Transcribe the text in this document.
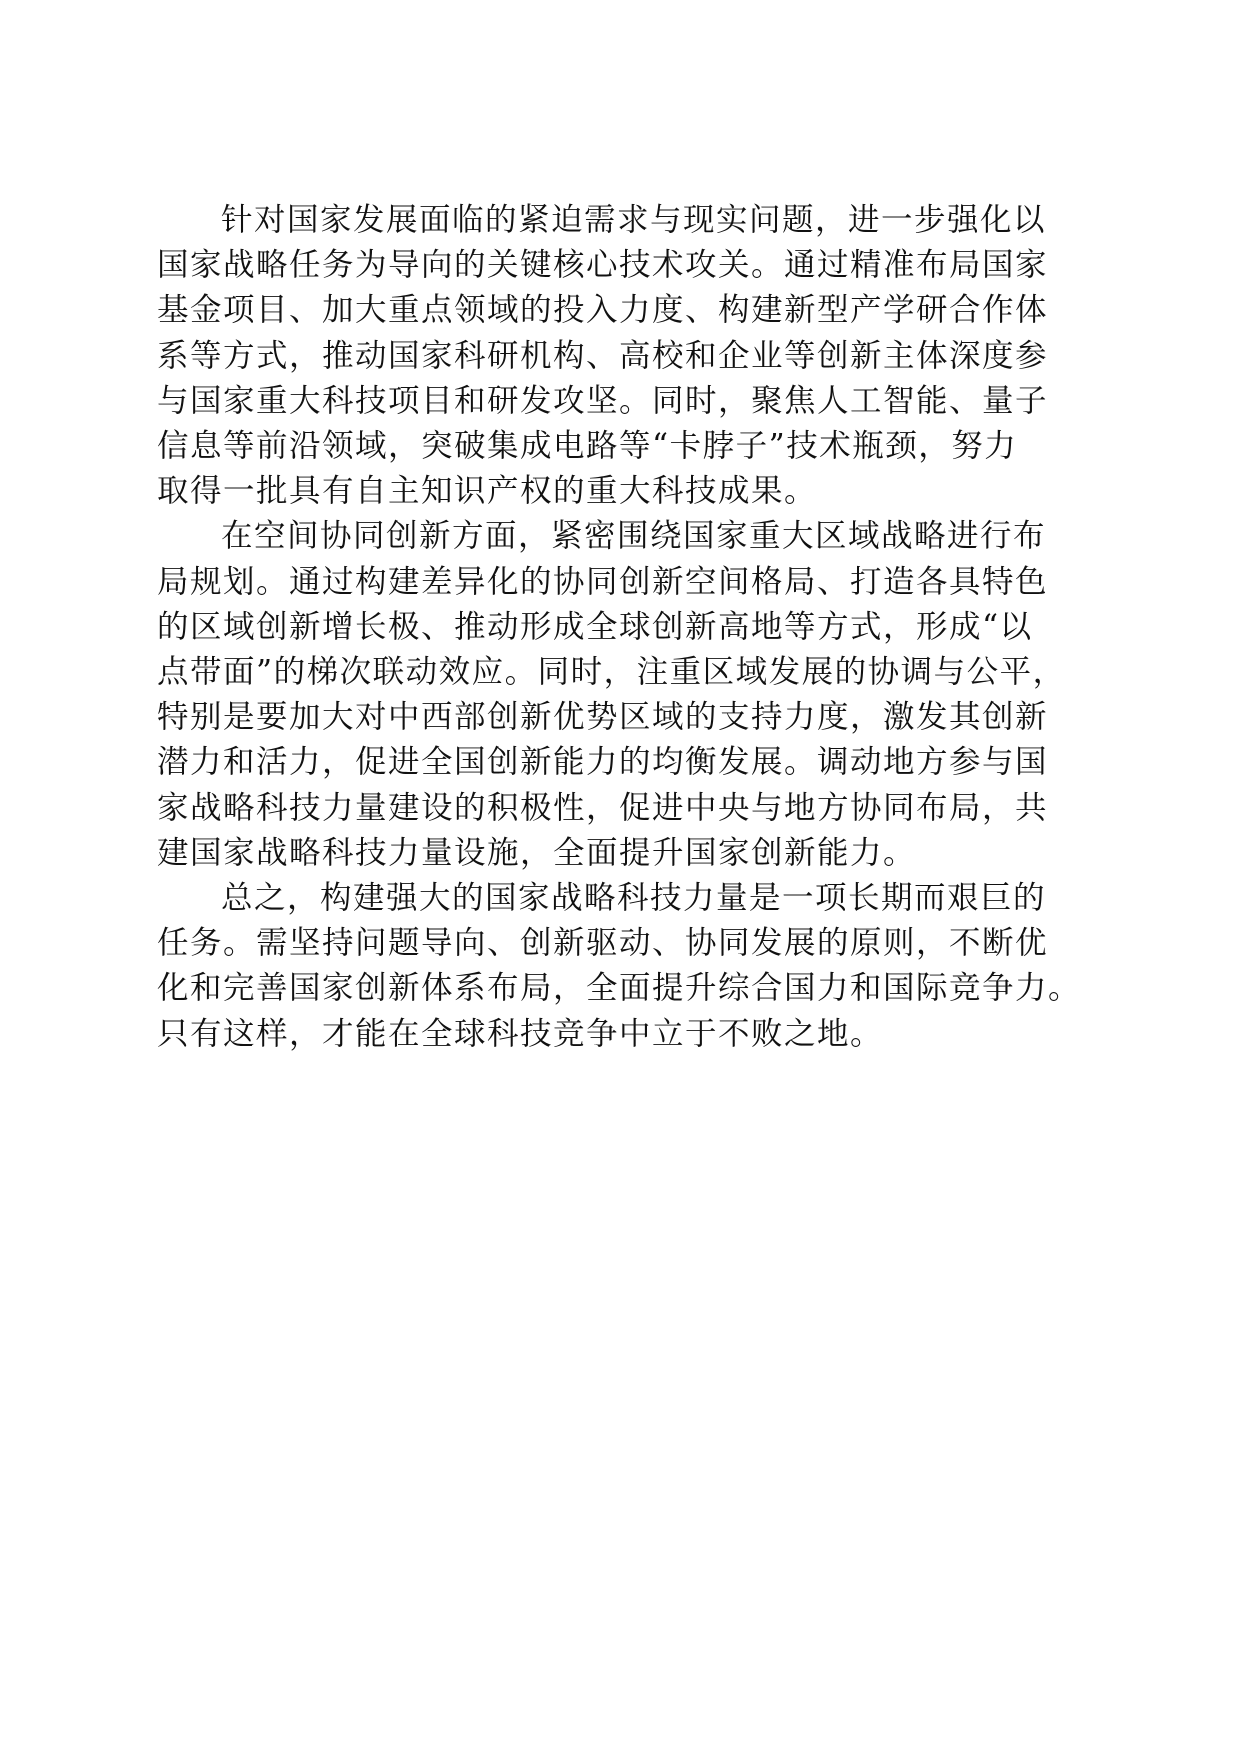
针对国家发展面临的紧迫需求与现实问题，进一步强化以
国家战略任务为导向的关键核心技术攻关。通过精准布局国家
基金项目、加大重点领域的投入力度、构建新型产学研合作体
系等方式，推动国家科研机构、高校和企业等创新主体深度参
与国家重大科技项目和研发攻坚。同时，聚焦人工智能、量子
信息等前沿领域，突破集成电路等“卡脖子”技术瓶颈，努力
取得一批具有自主知识产权的重大科技成果。
在空间协同创新方面，紧密围绕国家重大区域战略进行布
局规划。通过构建差异化的协同创新空间格局、打造各具特色
的区域创新增长极、推动形成全球创新高地等方式，形成“以
点带面”的梯次联动效应。同时，注重区域发展的协调与公平，
特别是要加大对中西部创新优势区域的支持力度，激发其创新
潜力和活力，促进全国创新能力的均衡发展。调动地方参与国
家战略科技力量建设的积极性，促进中央与地方协同布局，共
建国家战略科技力量设施，全面提升国家创新能力。
总之，构建强大的国家战略科技力量是一项长期而艰巨的
任务。需坚持问题导向、创新驱动、协同发展的原则，不断优
化和完善国家创新体系布局，全面提升综合国力和国际竞争力。
只有这样，才能在全球科技竞争中立于不败之地。
